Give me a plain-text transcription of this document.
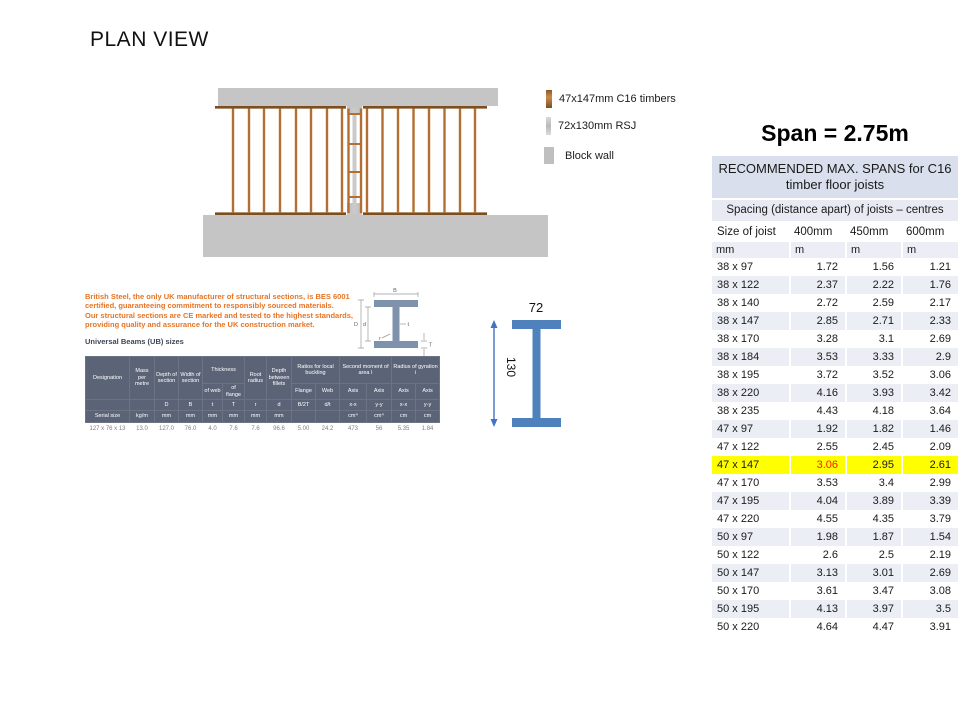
PLAN VIEW
47x147mm C16 timbers
72x130mm RSJ
Block wall
Span = 2.75m
RECOMMENDED MAX. SPANS for C16 timber floor joists			
Spacing (distance apart) of joists – centres			
Size of joist	400mm	450mm	600mm
mm	m	m	m
38 x 97	1.72	1.56	1.21
38 x 122	2.37	2.22	1.76
38 x 140	2.72	2.59	2.17
38 x 147	2.85	2.71	2.33
38 x 170	3.28	3.1	2.69
38 x 184	3.53	3.33	2.9
38 x 195	3.72	3.52	3.06
38 x 220	4.16	3.93	3.42
38 x 235	4.43	4.18	3.64
47 x 97	1.92	1.82	1.46
47 x 122	2.55	2.45	2.09
47 x 147	3.06	2.95	2.61
47 x 170	3.53	3.4	2.99
47 x 195	4.04	3.89	3.39
47 x 220	4.55	4.35	3.79
50 x 97	1.98	1.87	1.54
50 x 122	2.6	2.5	2.19
50 x 147	3.13	3.01	2.69
50 x 170	3.61	3.47	3.08
50 x 195	4.13	3.97	3.5
50 x 220	4.64	4.47	3.91
British Steel, the only UK manufacturer of structural sections, is BES 6001
certified, guaranteeing commitment to responsibly sourced materials.
Our structural sections are CE marked and tested to the highest standards,
providing quality and assurance for the UK construction market.
Universal Beams (UB) sizes
B
D d	t
r
T
Designation	Mass per metre	Depth of section	Width of section	Thickness		Root radius	Depth between fillets	Ratios for local buckling		Second moment of area I		Radius of gyration i	
				of web	of flange			Flange	Web	Axis	Axis	Axis	Axis
		D	B	t	T	r	d	B/2T	d/t	x-x	y-y	x-x	y-y
Serial size	kg/m	mm	mm	mm	mm	mm	mm			cm⁴	cm⁴	cm	cm
127 x 76 x 13	13.0	127.0	76.0	4.0	7.6	7.6	96.6	5.00	24.2	473	56	5.35	1.84
72
130
